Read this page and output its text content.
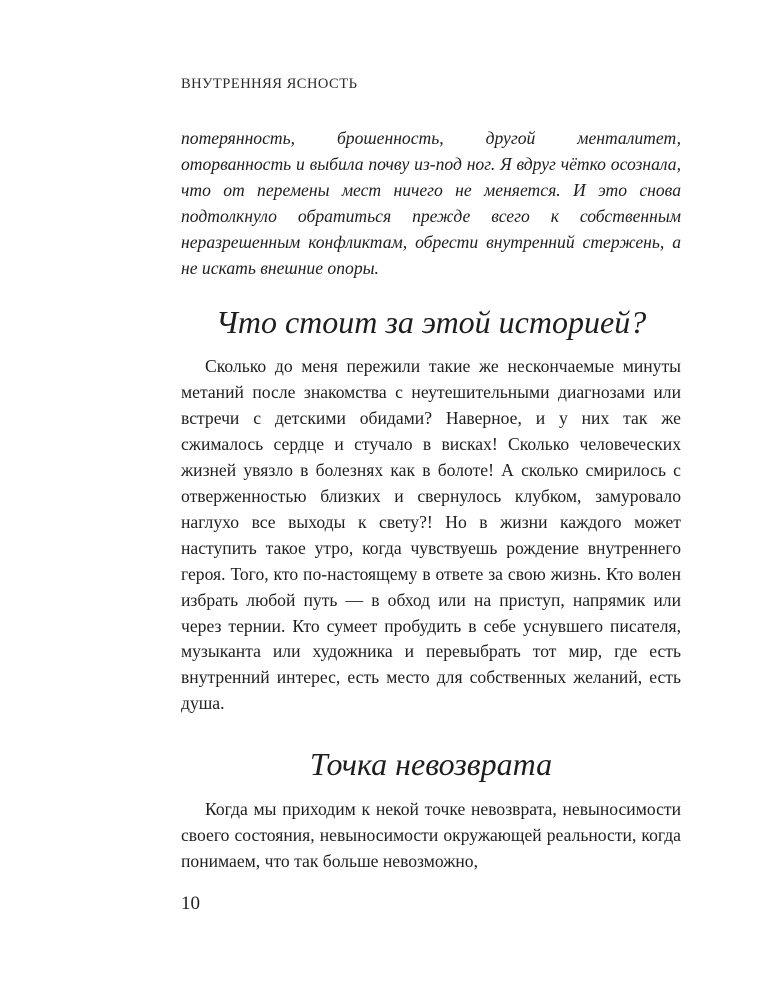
ВНУТРЕННЯЯ ЯСНОСТЬ

потерянность, брошенность, другой менталитет, оторванность и выбила почву из-под ног. Я вдруг чётко осознала, что от перемены мест ничего не меняется. И это снова подтолкнуло обратиться прежде всего к собственным неразрешенным конфликтам, обрести внутренний стержень, а не искать внешние опоры.

Что стоит за этой историей?

Сколько до меня пережили такие же нескончаемые минуты метаний после знакомства с неутешительными диагнозами или встречи с детскими обидами? Наверное, и у них так же сжималось сердце и стучало в висках! Сколько человеческих жизней увязло в болезнях как в болоте! А сколько смирилось с отверженностью близких и свернулось клубком, замуровало наглухо все выходы к свету?! Но в жизни каждого может наступить такое утро, когда чувствуешь рождение внутреннего героя. Того, кто по-настоящему в ответе за свою жизнь. Кто волен избрать любой путь — в обход или на приступ, напрямик или через тернии. Кто сумеет пробудить в себе уснувшего писателя, музыканта или художника и перевыбрать тот мир, где есть внутренний интерес, есть место для собственных желаний, есть душа.

Точка невозврата

Когда мы приходим к некой точке невозврата, невыносимости своего состояния, невыносимости окружающей реальности, когда понимаем, что так больше невозможно,

10
